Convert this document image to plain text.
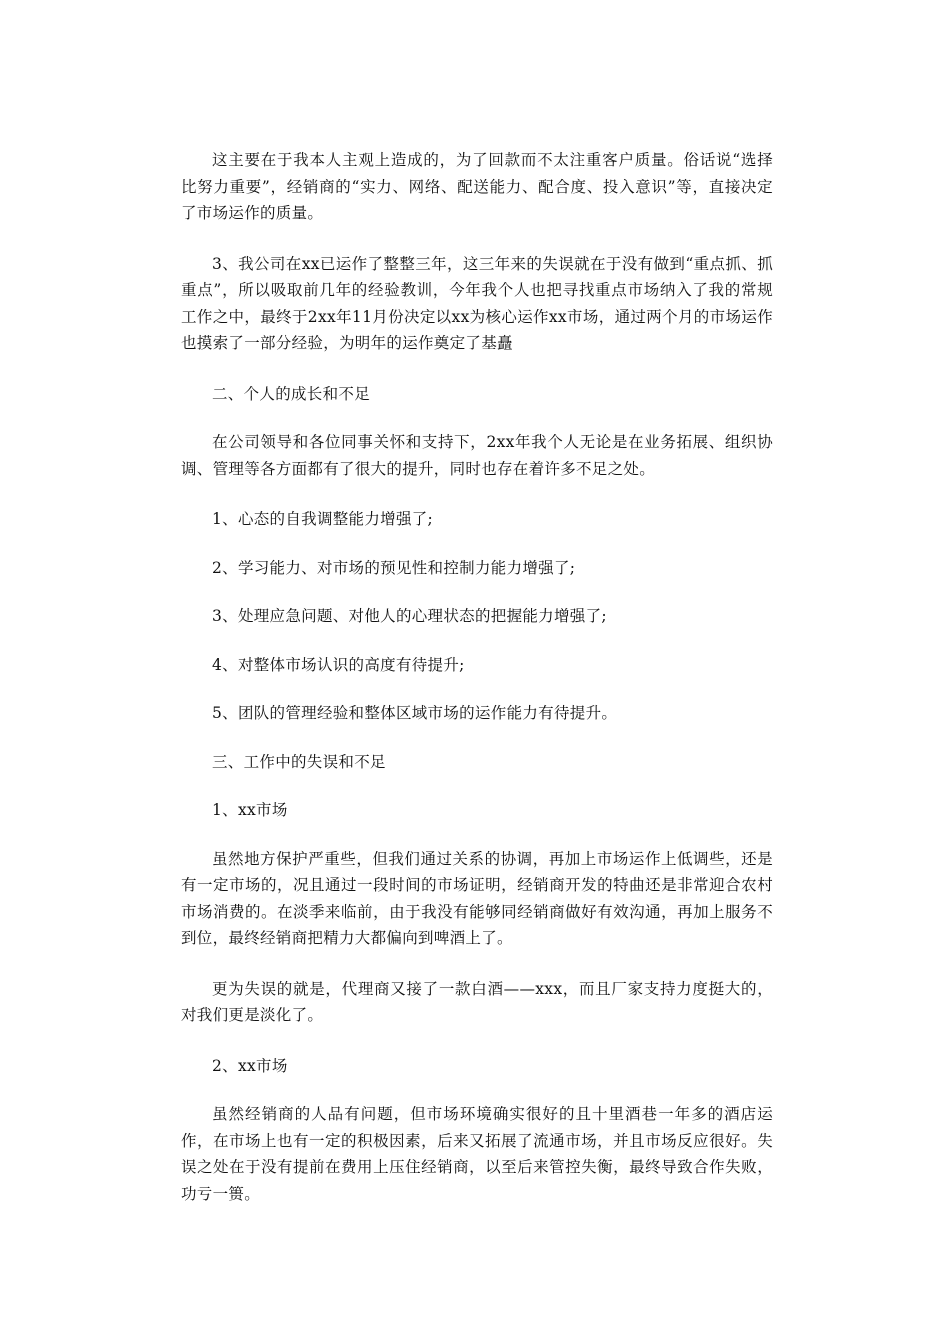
这主要在于我本人主观上造成的，为了回款而不太注重客户质量。俗话说“选择比努力重要”，经销商的“实力、网络、配送能力、配合度、投入意识”等，直接决定了市场运作的质量。

3、我公司在xx已运作了整整三年，这三年来的失误就在于没有做到“重点抓、抓重点”，所以吸取前几年的经验教训，今年我个人也把寻找重点市场纳入了我的常规工作之中，最终于2xx年11月份决定以xx为核心运作xx市场，通过两个月的市场运作也摸索了一部分经验，为明年的运作奠定了基矗

二、个人的成长和不足

在公司领导和各位同事关怀和支持下，2xx年我个人无论是在业务拓展、组织协调、管理等各方面都有了很大的提升，同时也存在着许多不足之处。

1、心态的自我调整能力增强了;

2、学习能力、对市场的预见性和控制力能力增强了;

3、处理应急问题、对他人的心理状态的把握能力增强了;

4、对整体市场认识的高度有待提升;

5、团队的管理经验和整体区域市场的运作能力有待提升。

三、工作中的失误和不足

1、xx市场

虽然地方保护严重些，但我们通过关系的协调，再加上市场运作上低调些，还是有一定市场的，况且通过一段时间的市场证明，经销商开发的特曲还是非常迎合农村市场消费的。在淡季来临前，由于我没有能够同经销商做好有效沟通，再加上服务不到位，最终经销商把精力大都偏向到啤酒上了。

更为失误的就是，代理商又接了一款白酒——xxx，而且厂家支持力度挺大的，对我们更是淡化了。

2、xx市场

虽然经销商的人品有问题，但市场环境确实很好的且十里酒巷一年多的酒店运作，在市场上也有一定的积极因素，后来又拓展了流通市场，并且市场反应很好。失误之处在于没有提前在费用上压住经销商，以至后来管控失衡，最终导致合作失败，功亏一篑。
